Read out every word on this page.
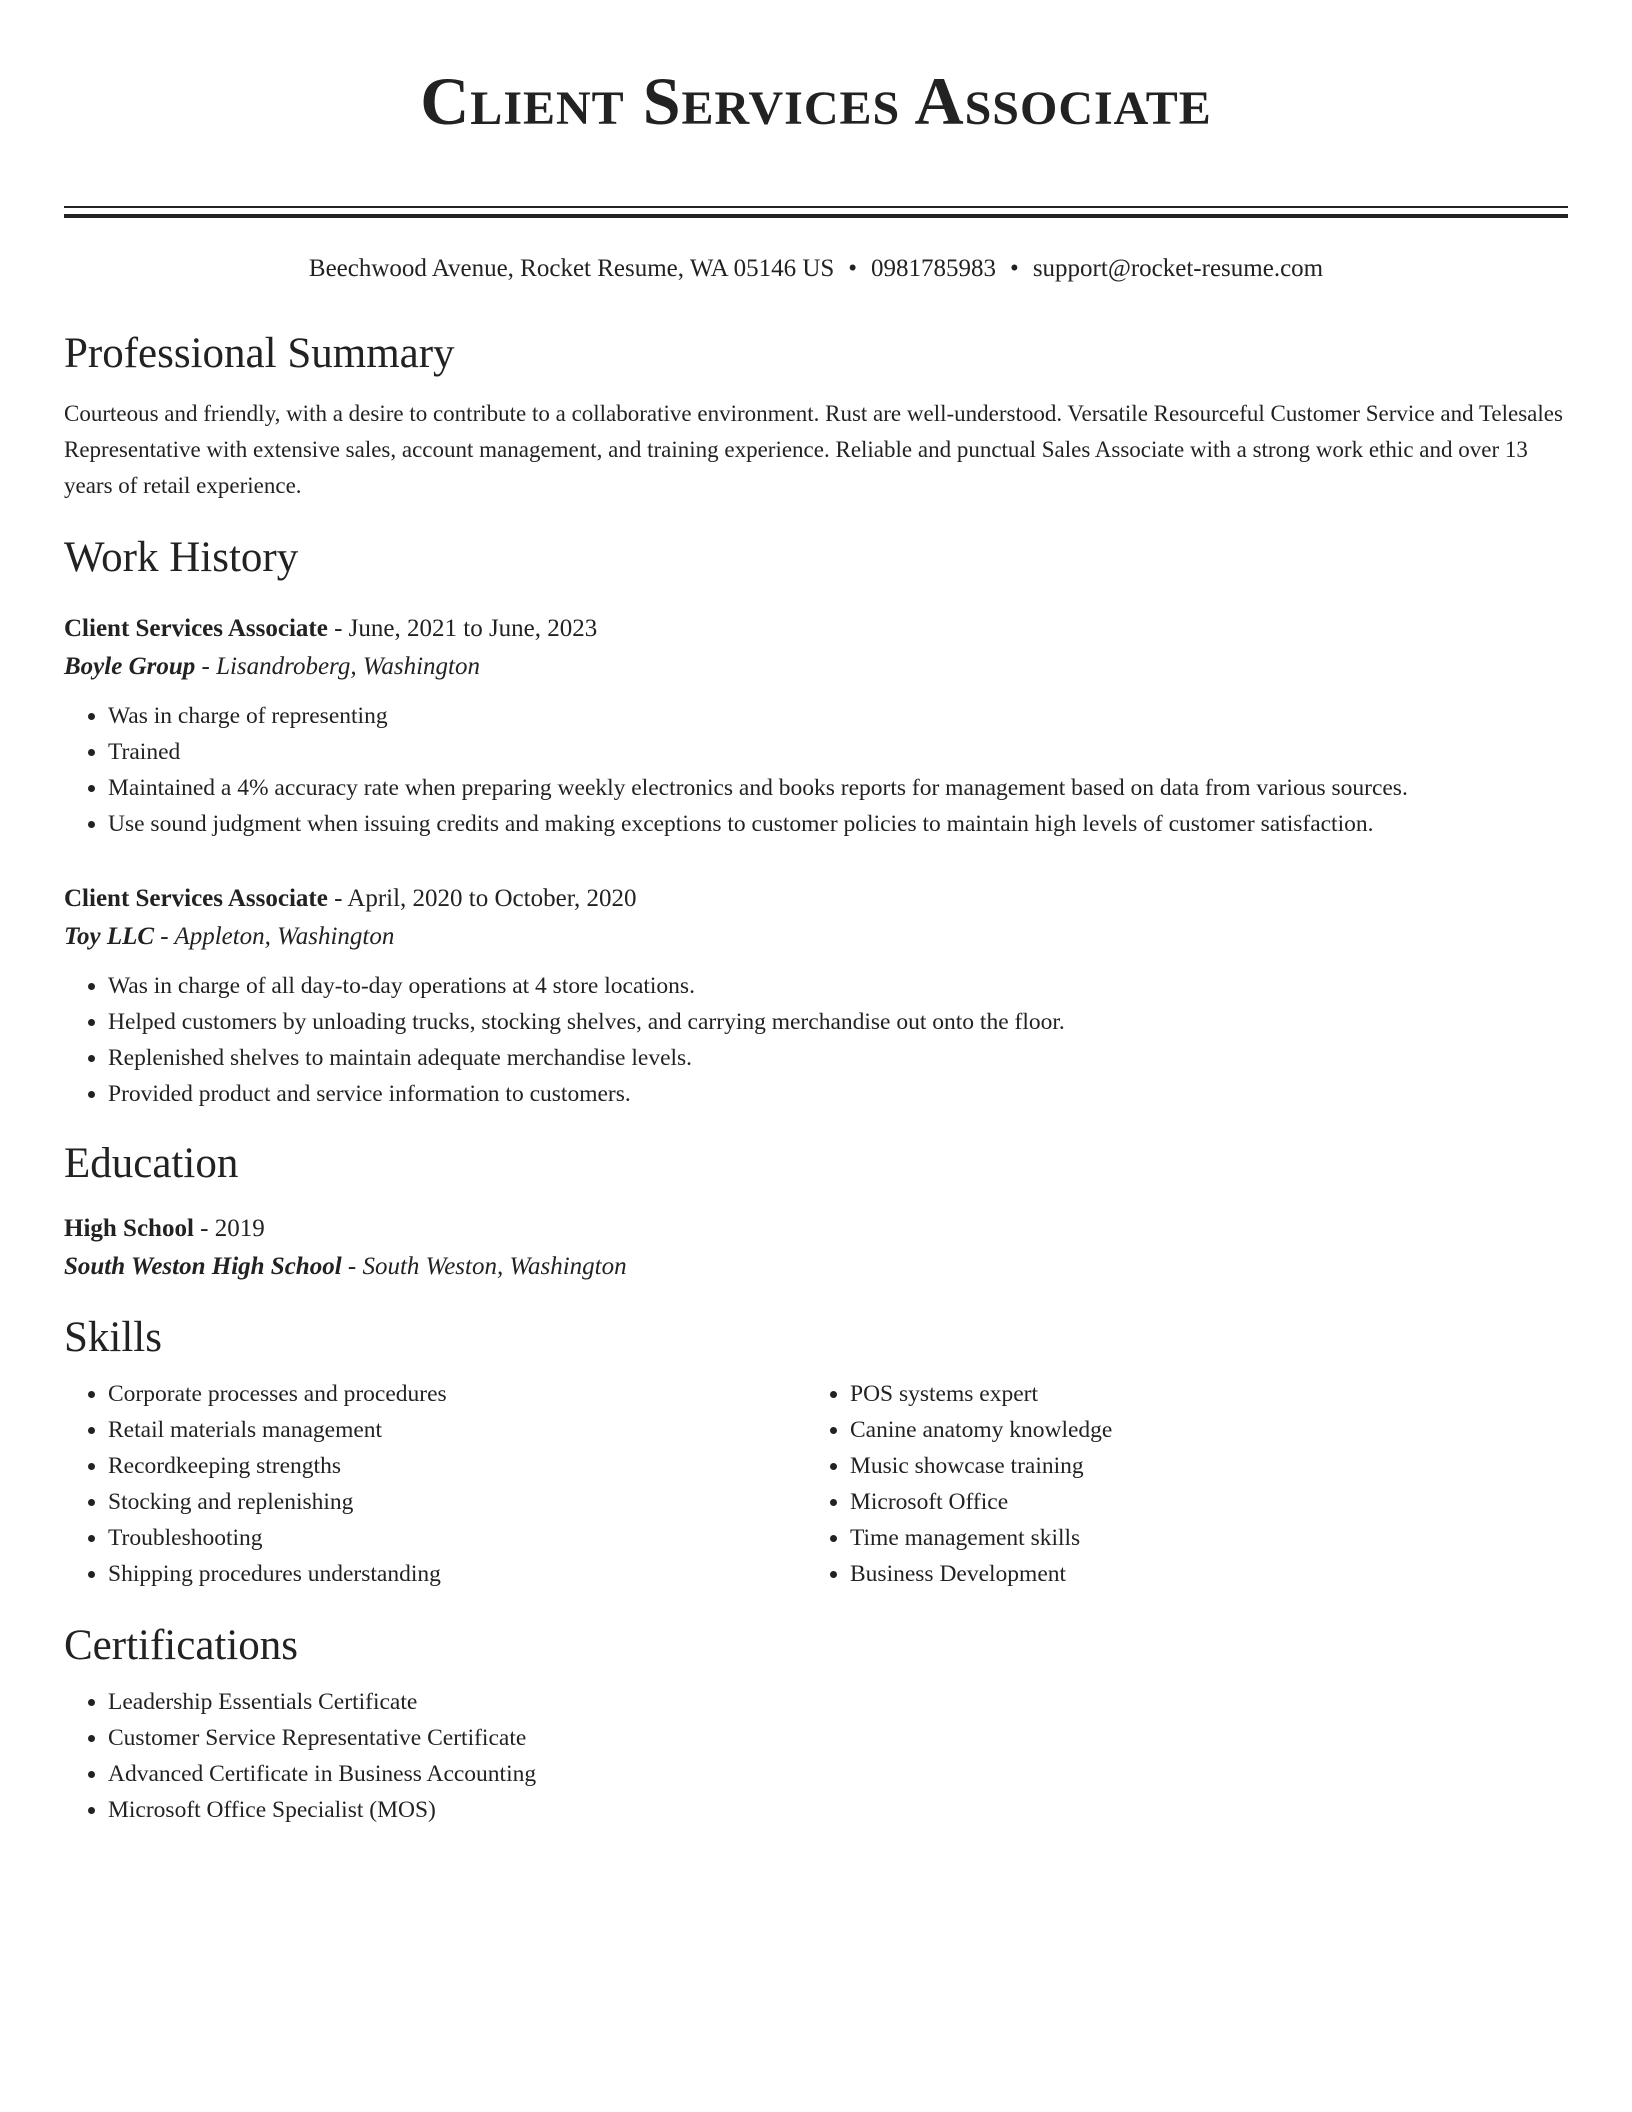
Client Services Associate
Beechwood Avenue, Rocket Resume, WA 05146 US • 0981785983 • support@rocket-resume.com
Professional Summary
Courteous and friendly, with a desire to contribute to a collaborative environment. Rust are well-understood. Versatile Resourceful Customer Service and Telesales Representative with extensive sales, account management, and training experience. Reliable and punctual Sales Associate with a strong work ethic and over 13 years of retail experience.
Work History
Client Services Associate - June, 2021 to June, 2023
Boyle Group - Lisandroberg, Washington
• Was in charge of representing
• Trained
• Maintained a 4% accuracy rate when preparing weekly electronics and books reports for management based on data from various sources.
• Use sound judgment when issuing credits and making exceptions to customer policies to maintain high levels of customer satisfaction.
Client Services Associate - April, 2020 to October, 2020
Toy LLC - Appleton, Washington
• Was in charge of all day-to-day operations at 4 store locations.
• Helped customers by unloading trucks, stocking shelves, and carrying merchandise out onto the floor.
• Replenished shelves to maintain adequate merchandise levels.
• Provided product and service information to customers.
Education
High School - 2019
South Weston High School - South Weston, Washington
Skills
• Corporate processes and procedures
• Retail materials management
• Recordkeeping strengths
• Stocking and replenishing
• Troubleshooting
• Shipping procedures understanding
• POS systems expert
• Canine anatomy knowledge
• Music showcase training
• Microsoft Office
• Time management skills
• Business Development
Certifications
• Leadership Essentials Certificate
• Customer Service Representative Certificate
• Advanced Certificate in Business Accounting
• Microsoft Office Specialist (MOS)
